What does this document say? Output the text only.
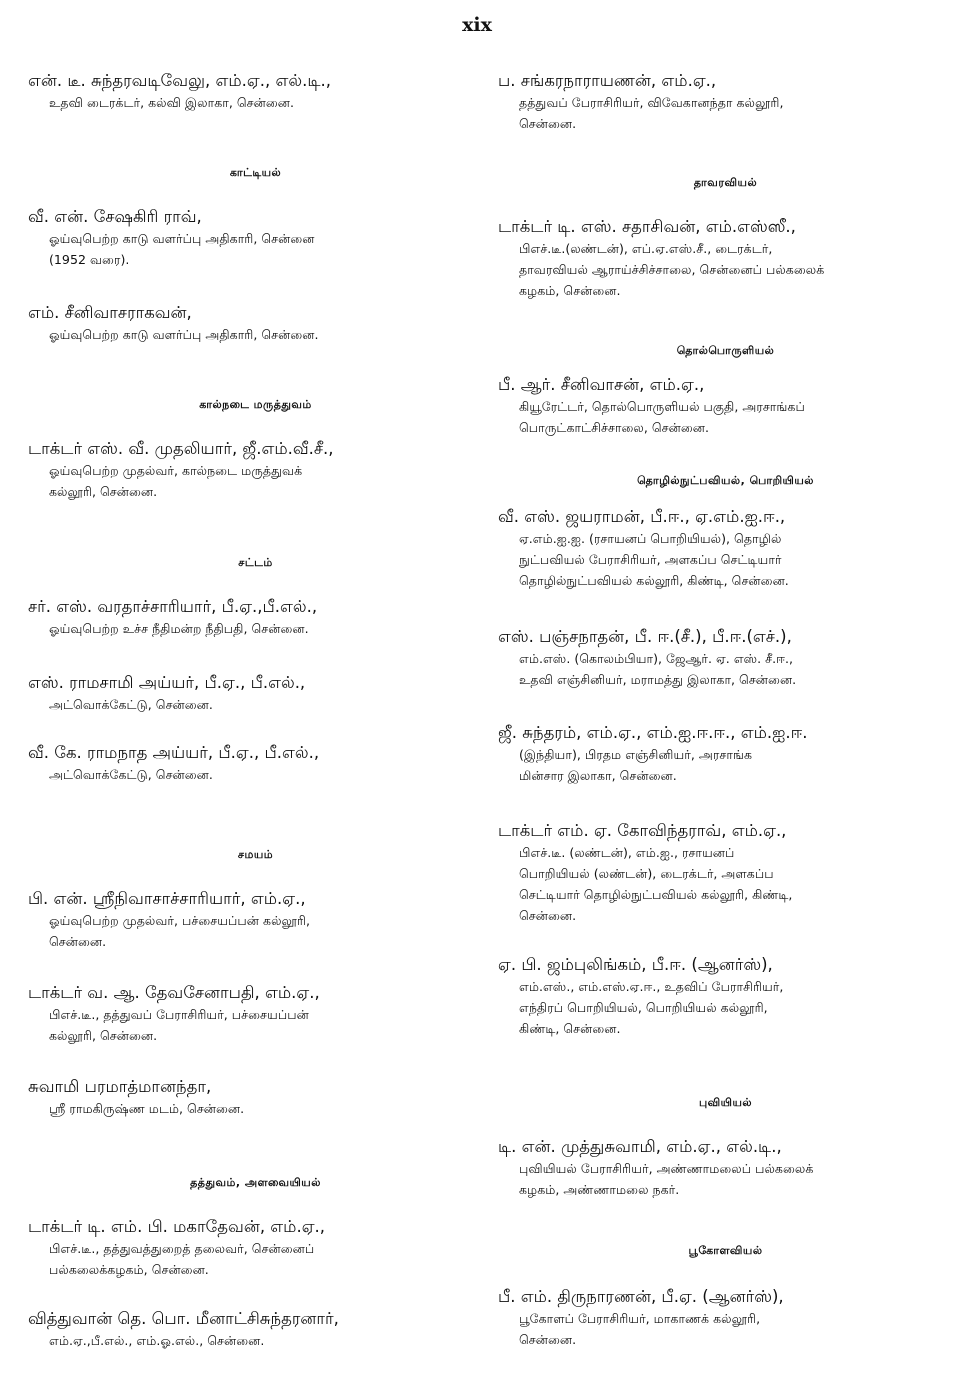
xix
என். டீ. சுந்தரவடிவேலு, எம்.ஏ., எல்.டி.,
உதவி டைரக்டர், கல்வி இலாகா, சென்னை.
காட்டியல்
வீ. என். சேஷகிரி ராவ்,
ஓய்வுபெற்ற காடு வளர்ப்பு அதிகாரி, சென்னை
(1952 வரை).
எம். சீனிவாசராகவன்,
ஓய்வுபெற்ற காடு வளர்ப்பு அதிகாரி, சென்னை.
கால்நடை மருத்துவம்
டாக்டர் எஸ். வீ. முதலியார், ஜீ.எம்.வீ.சீ.,
ஓய்வுபெற்ற முதல்வர், கால்நடை மருத்துவக்
கல்லூரி, சென்னை.
சட்டம்
சர். எஸ். வரதாச்சாரியார், பீ.ஏ.,பீ.எல்.,
ஓய்வுபெற்ற உச்ச நீதிமன்ற நீதிபதி, சென்னை.
எஸ். ராமசாமி அய்யர், பீ.ஏ., பீ.எல்.,
அட்வொக்கேட்டு, சென்னை.
வீ. கே. ராமநாத அய்யர், பீ.ஏ., பீ.எல்.,
அட்வொக்கேட்டு, சென்னை.
சமயம்
பி. என். ஸ்ரீநிவாசாச்சாரியார், எம்.ஏ.,
ஓய்வுபெற்ற முதல்வர், பச்சையப்பன் கல்லூரி,
சென்னை.
டாக்டர் வ. ஆ. தேவசேனாபதி, எம்.ஏ.,
பிஎச்.டீ., தத்துவப் பேராசிரியர், பச்சையப்பன்
கல்லூரி, சென்னை.
சுவாமி பரமாத்மானந்தா,
ஸ்ரீ ராமகிருஷ்ண மடம், சென்னை.
தத்துவம், அளவையியல்
டாக்டர் டி. எம். பி. மகாதேவன், எம்.ஏ.,
பிஎச்.டீ., தத்துவத்துறைத் தலைவர், சென்னைப்
பல்கலைக்கழகம், சென்னை.
வித்துவான் தெ. பொ. மீனாட்சிசுந்தரனார்,
எம்.ஏ.,பீ.எல்., எம்.ஓ.எல்., சென்னை.
ப. சங்கரநாராயணன், எம்.ஏ.,
தத்துவப் பேராசிரியர், விவேகானந்தா கல்லூரி,
சென்னை.
தாவரவியல்
டாக்டர் டி. எஸ். சதாசிவன், எம்.எஸ்ஸீ.,
பிஎச்.டீ.(லண்டன்), எப்.ஏ.எஸ்.சீ., டைரக்டர்,
தாவரவியல் ஆராய்ச்சிச்சாலை, சென்னைப் பல்கலைக்
கழகம், சென்னை.
தொல்பொருளியல்
பீ. ஆர். சீனிவாசன், எம்.ஏ.,
கியூரேட்டர், தொல்பொருளியல் பகுதி, அரசாங்கப்
பொருட்காட்சிச்சாலை, சென்னை.
தொழில்நுட்பவியல், பொறியியல்
வீ. எஸ். ஜயராமன், பீ.ஈ., ஏ.எம்.ஐ.ஈ.,
ஏ.எம்.ஐ.ஐ. (ரசாயனப் பொறியியல்), தொழில்
நுட்பவியல் பேராசிரியர், அளகப்ப செட்டியார்
தொழில்நுட்பவியல் கல்லூரி, கிண்டி, சென்னை.
எஸ். பஞ்சநாதன், பீ. ஈ.(சீ.), பீ.ஈ.(எச்.),
எம்.எஸ். (கொலம்பியா), ஜேஆர். ஏ. எஸ். சீ.ஈ.,
உதவி எஞ்சினியர், மராமத்து இலாகா, சென்னை.
ஜீ. சுந்தரம், எம்.ஏ., எம்.ஐ.ஈ.ஈ., எம்.ஐ.ஈ.
(இந்தியா), பிரதம எஞ்சினியர், அரசாங்க
மின்சார இலாகா, சென்னை.
டாக்டர் எம். ஏ. கோவிந்தராவ், எம்.ஏ.,
பிஎச்.டீ. (லண்டன்), எம்.ஐ., ரசாயனப்
பொறியியல் (லண்டன்), டைரக்டர், அளகப்ப
செட்டியார் தொழில்நுட்பவியல் கல்லூரி, கிண்டி,
சென்னை.
ஏ. பி. ஜம்புலிங்கம், பீ.ஈ. (ஆனர்ஸ்),
எம்.எஸ்., எம்.எஸ்.ஏ.ஈ., உதவிப் பேராசிரியர்,
எந்திரப் பொறியியல், பொறியியல் கல்லூரி,
கிண்டி, சென்னை.
புவியியல்
டி. என். முத்துசுவாமி, எம்.ஏ., எல்.டி.,
புவியியல் பேராசிரியர், அண்ணாமலைப் பல்கலைக்
கழகம், அண்ணாமலை நகர்.
பூகோளவியல்
பீ. எம். திருநாரணன், பீ.ஏ. (ஆனர்ஸ்),
பூகோளப் பேராசிரியர், மாகாணக் கல்லூரி,
சென்னை.
